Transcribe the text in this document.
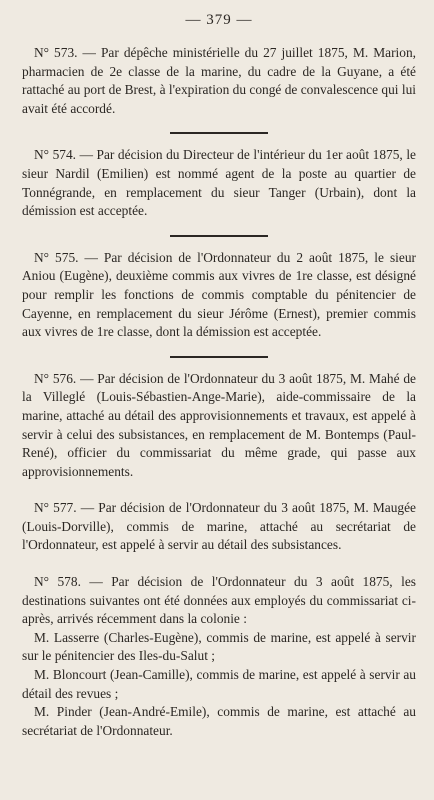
— 379 —

N° 573. — Par dépêche ministérielle du 27 juillet 1875, M. Marion, pharmacien de 2e classe de la marine, du cadre de la Guyane, a été rattaché au port de Brest, à l'expiration du congé de convalescence qui lui avait été accordé.

N° 574. — Par décision du Directeur de l'intérieur du 1er août 1875, le sieur Nardil (Emilien) est nommé agent de la poste au quartier de Tonnégrande, en remplacement du sieur Tanger (Urbain), dont la démission est acceptée.

N° 575. — Par décision de l'Ordonnateur du 2 août 1875, le sieur Aniou (Eugène), deuxième commis aux vivres de 1re classe, est désigné pour remplir les fonctions de commis comptable du pénitencier de Cayenne, en remplacement du sieur Jérôme (Ernest), premier commis aux vivres de 1re classe, dont la démission est acceptée.

N° 576. — Par décision de l'Ordonnateur du 3 août 1875, M. Mahé de la Villeglé (Louis-Sébastien-Ange-Marie), aide-commissaire de la marine, attaché au détail des approvisionnements et travaux, est appelé à servir à celui des subsistances, en remplacement de M. Bontemps (Paul-René), officier du commissariat du même grade, qui passe aux approvisionnements.

N° 577. — Par décision de l'Ordonnateur du 3 août 1875, M. Maugée (Louis-Dorville), commis de marine, attaché au secrétariat de l'Ordonnateur, est appelé à servir au détail des subsistances.

N° 578. — Par décision de l'Ordonnateur du 3 août 1875, les destinations suivantes ont été données aux employés du commissariat ci-après, arrivés récemment dans la colonie :

M. Lasserre (Charles-Eugène), commis de marine, est appelé à servir sur le pénitencier des Iles-du-Salut ;

M. Bloncourt (Jean-Camille), commis de marine, est appelé à servir au détail des revues ;

M. Pinder (Jean-André-Emile), commis de marine, est attaché au secrétariat de l'Ordonnateur.
